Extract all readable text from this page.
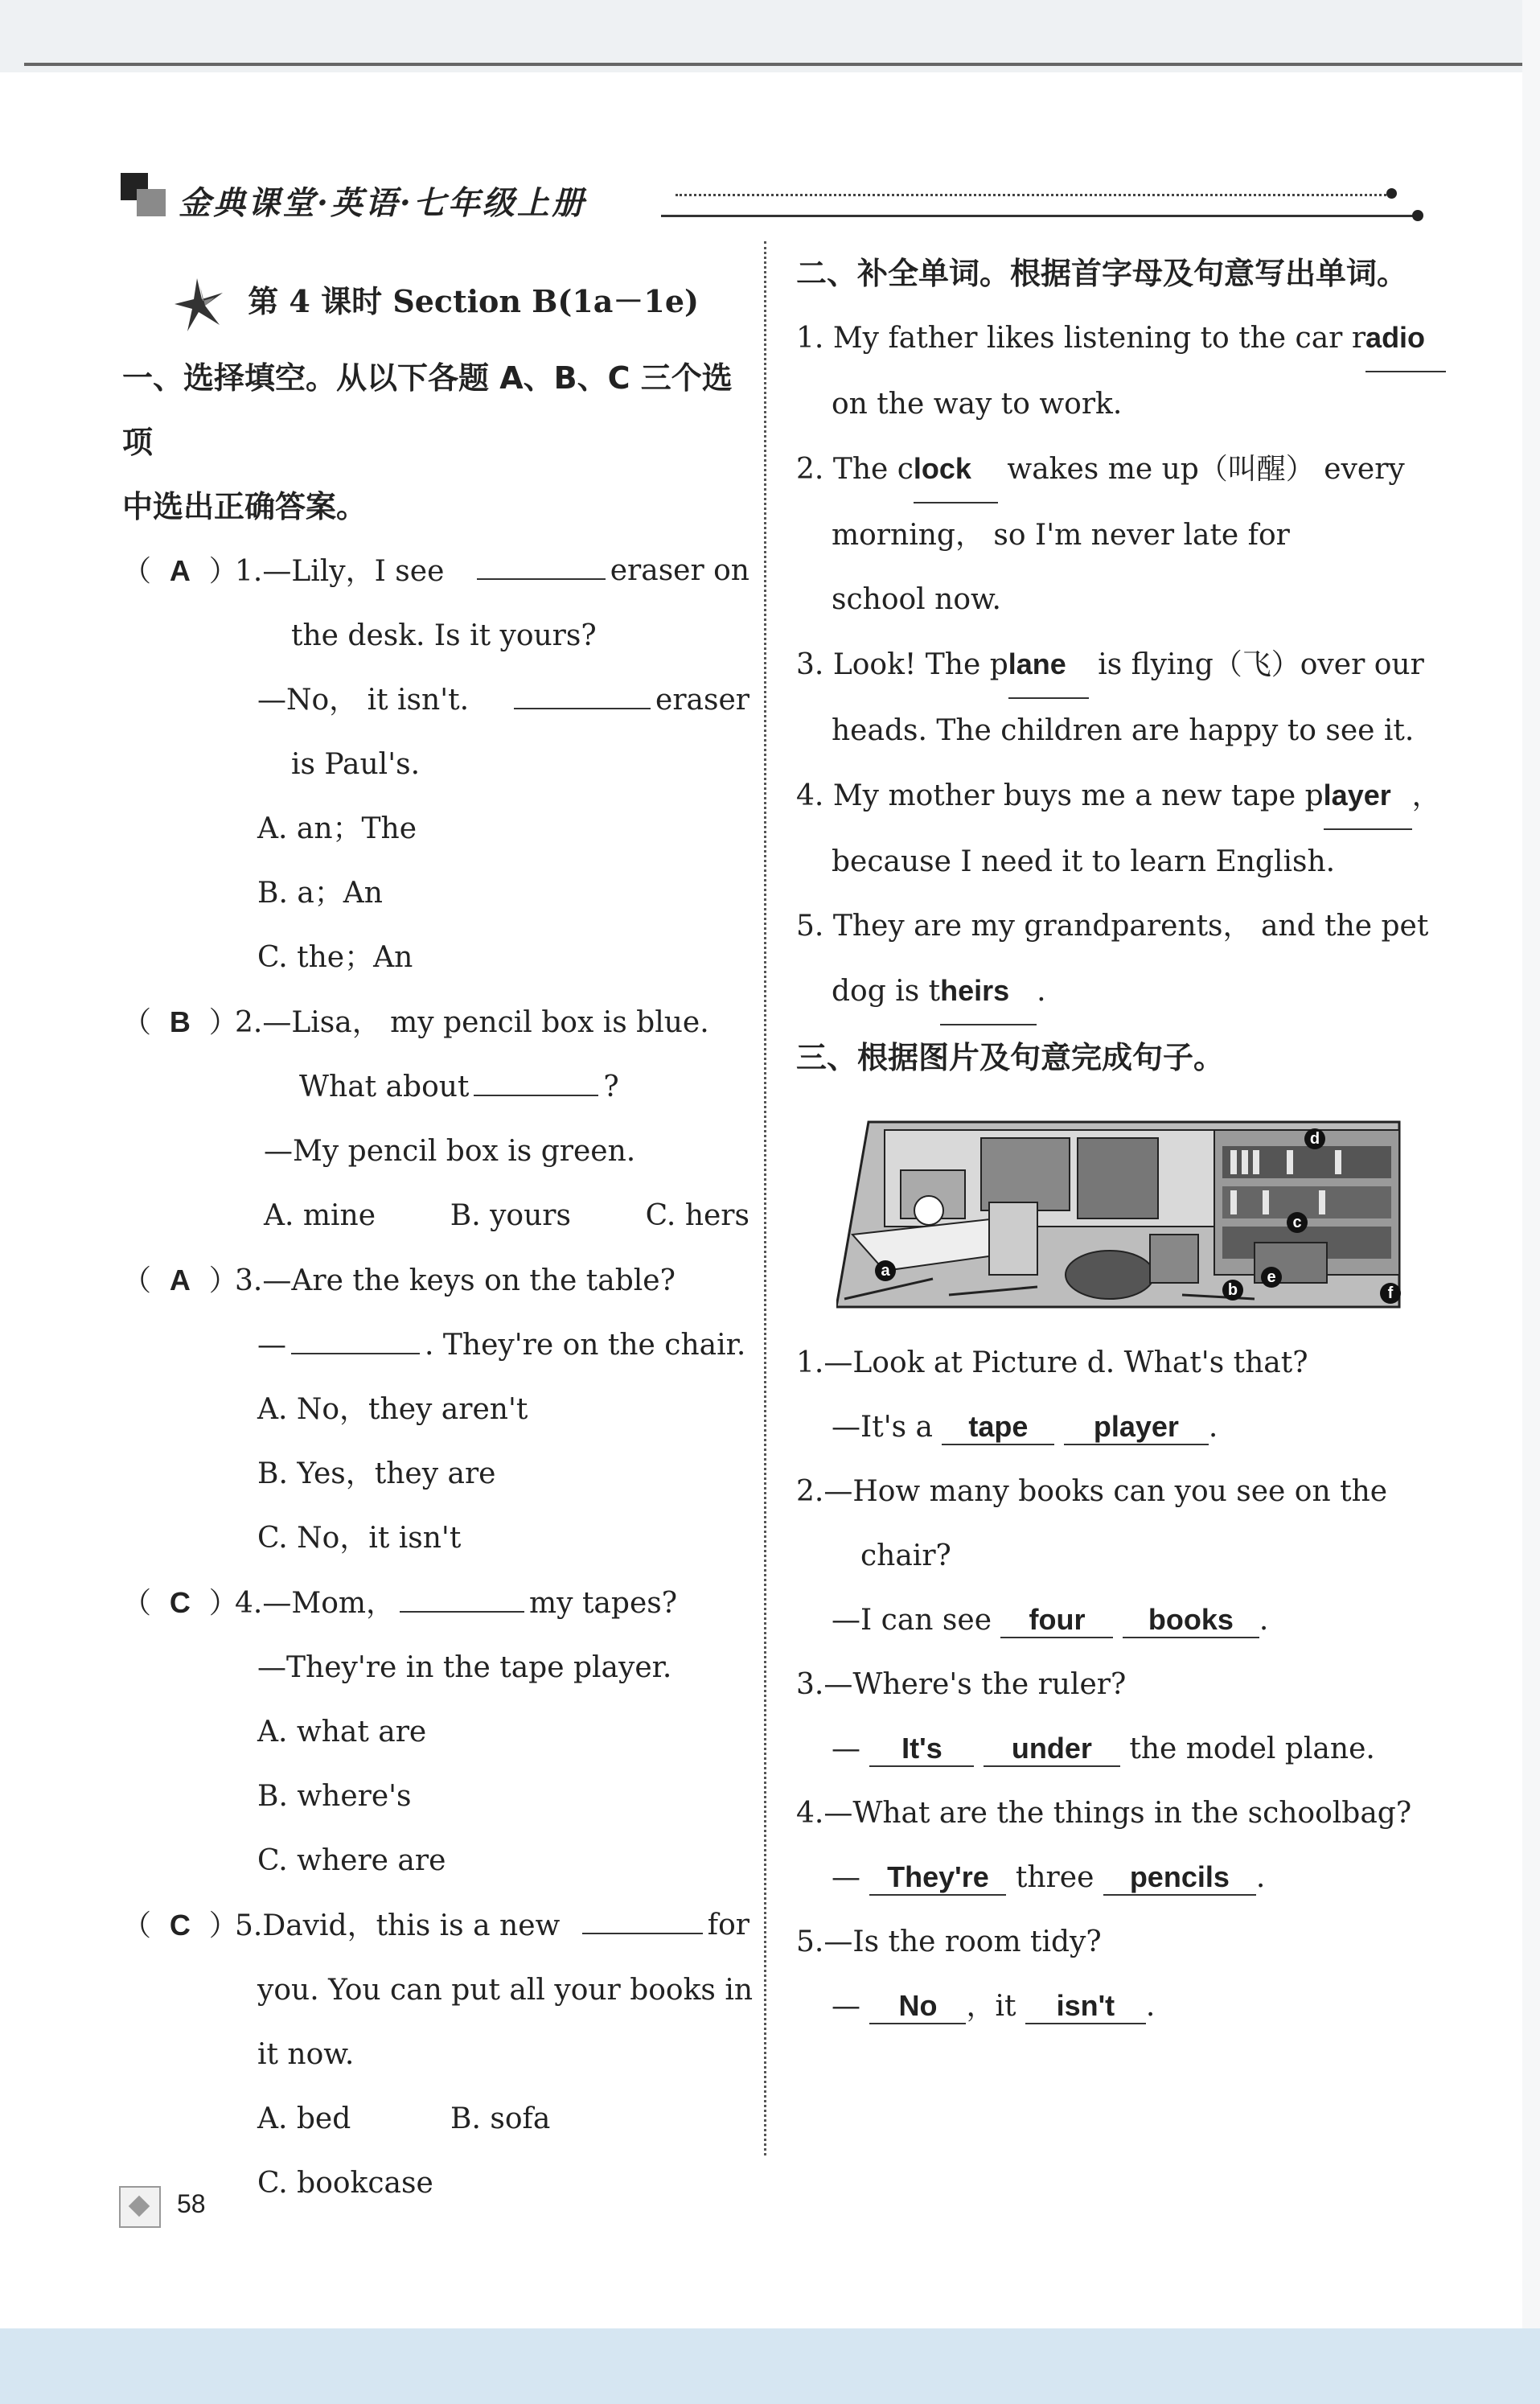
金典课堂·英语·七年级上册
第 4 课时 Section B(1a－1e)
一、选择填空。从以下各题 A、B、C 三个选项
中选出正确答案。
（  A  ）1.—Lily，I see	eraser on
the desk. Is it yours?
—No， it isn't.	eraser
is Paul's.
A. an；The
B. a；An
C. the；An
（  B  ）2.—Lisa， my pencil box is blue.
What about	?
—My pencil box is green.
A. mine	B. yours	C. hers
（  A  ）3.—Are the keys on the table?
—	. They're on the chair.
A. No，they aren't
B. Yes，they are
C. No，it isn't
（  C  ）4.—Mom，	my tapes?
—They're in the tape player.
A. what are
B. where's
C. where are
（  C  ）5.David，this is a new	for
you. You can put all your books in
it now.
A. bed	B. sofa
C. bookcase
二、补全单词。根据首字母及句意写出单词。
1. My father likes listening to the car radio
on the way to work.
2. The clock wakes me up（叫醒） every
morning， so I'm never late for
school now.
3. Look! The plane is flying（飞）over our
heads. The children are happy to see it.
4. My mother buys me a new tape player ，
because I need it to learn English.
5. They are my grandparents， and the pet
dog is theirs .
三、根据图片及句意完成句子。
a
b
c
d
e
f
1.—Look at Picture d. What's that?
—It's a tape player .
2.—How many books can you see on the
chair?
—I can see four books .
3.—Where's the ruler?
— It's under the model plane.
4.—What are the things in the schoolbag?
— They're three pencils .
5.—Is the room tidy?
— No ，it isn't .
58
